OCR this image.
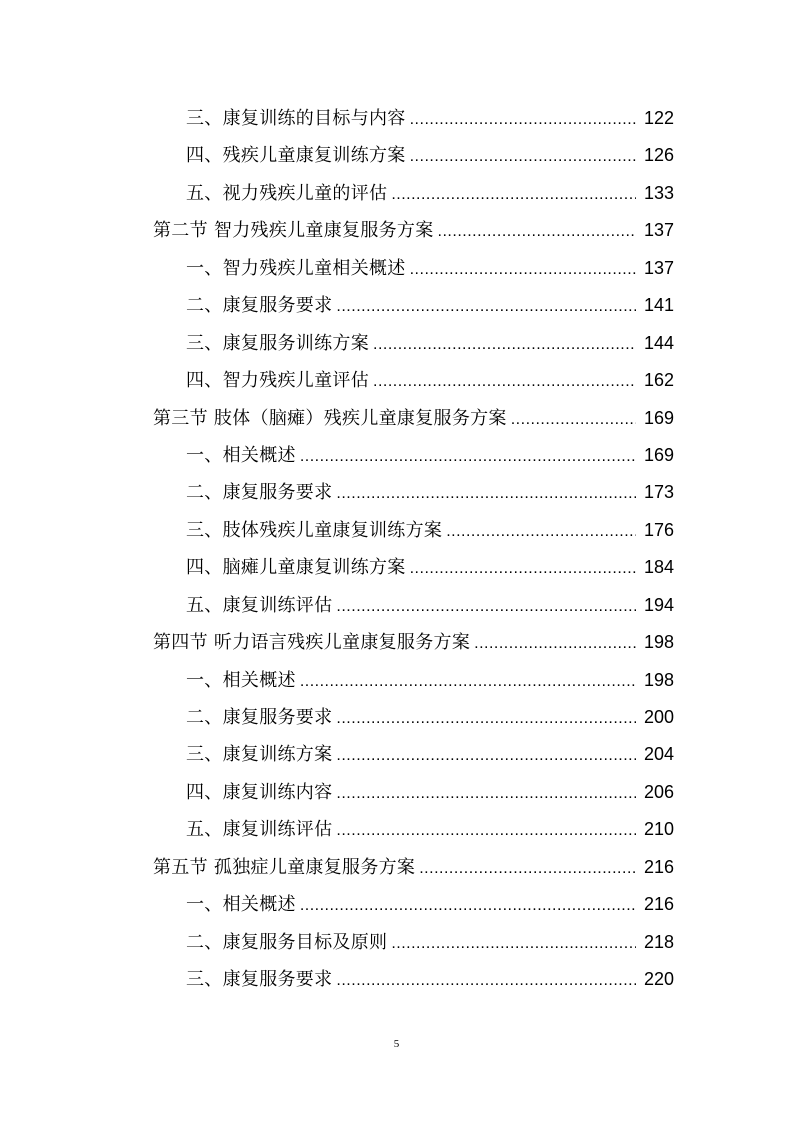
三、康复训练的目标与内容 .....	122
四、残疾儿童康复训练方案 .....	126
五、视力残疾儿童的评估 .....	133
第二节 智力残疾儿童康复服务方案 .....	137
一、智力残疾儿童相关概述 .....	137
二、康复服务要求 .....	141
三、康复服务训练方案 .....	144
四、智力残疾儿童评估 .....	162
第三节 肢体（脑瘫）残疾儿童康复服务方案 .....	169
一、相关概述 .....	169
二、康复服务要求 .....	173
三、肢体残疾儿童康复训练方案 .....	176
四、脑瘫儿童康复训练方案 .....	184
五、康复训练评估 .....	194
第四节 听力语言残疾儿童康复服务方案 .....	198
一、相关概述 .....	198
二、康复服务要求 .....	200
三、康复训练方案 .....	204
四、康复训练内容 .....	206
五、康复训练评估 .....	210
第五节 孤独症儿童康复服务方案 .....	216
一、相关概述 .....	216
二、康复服务目标及原则 .....	218
三、康复服务要求 .....	220
5
